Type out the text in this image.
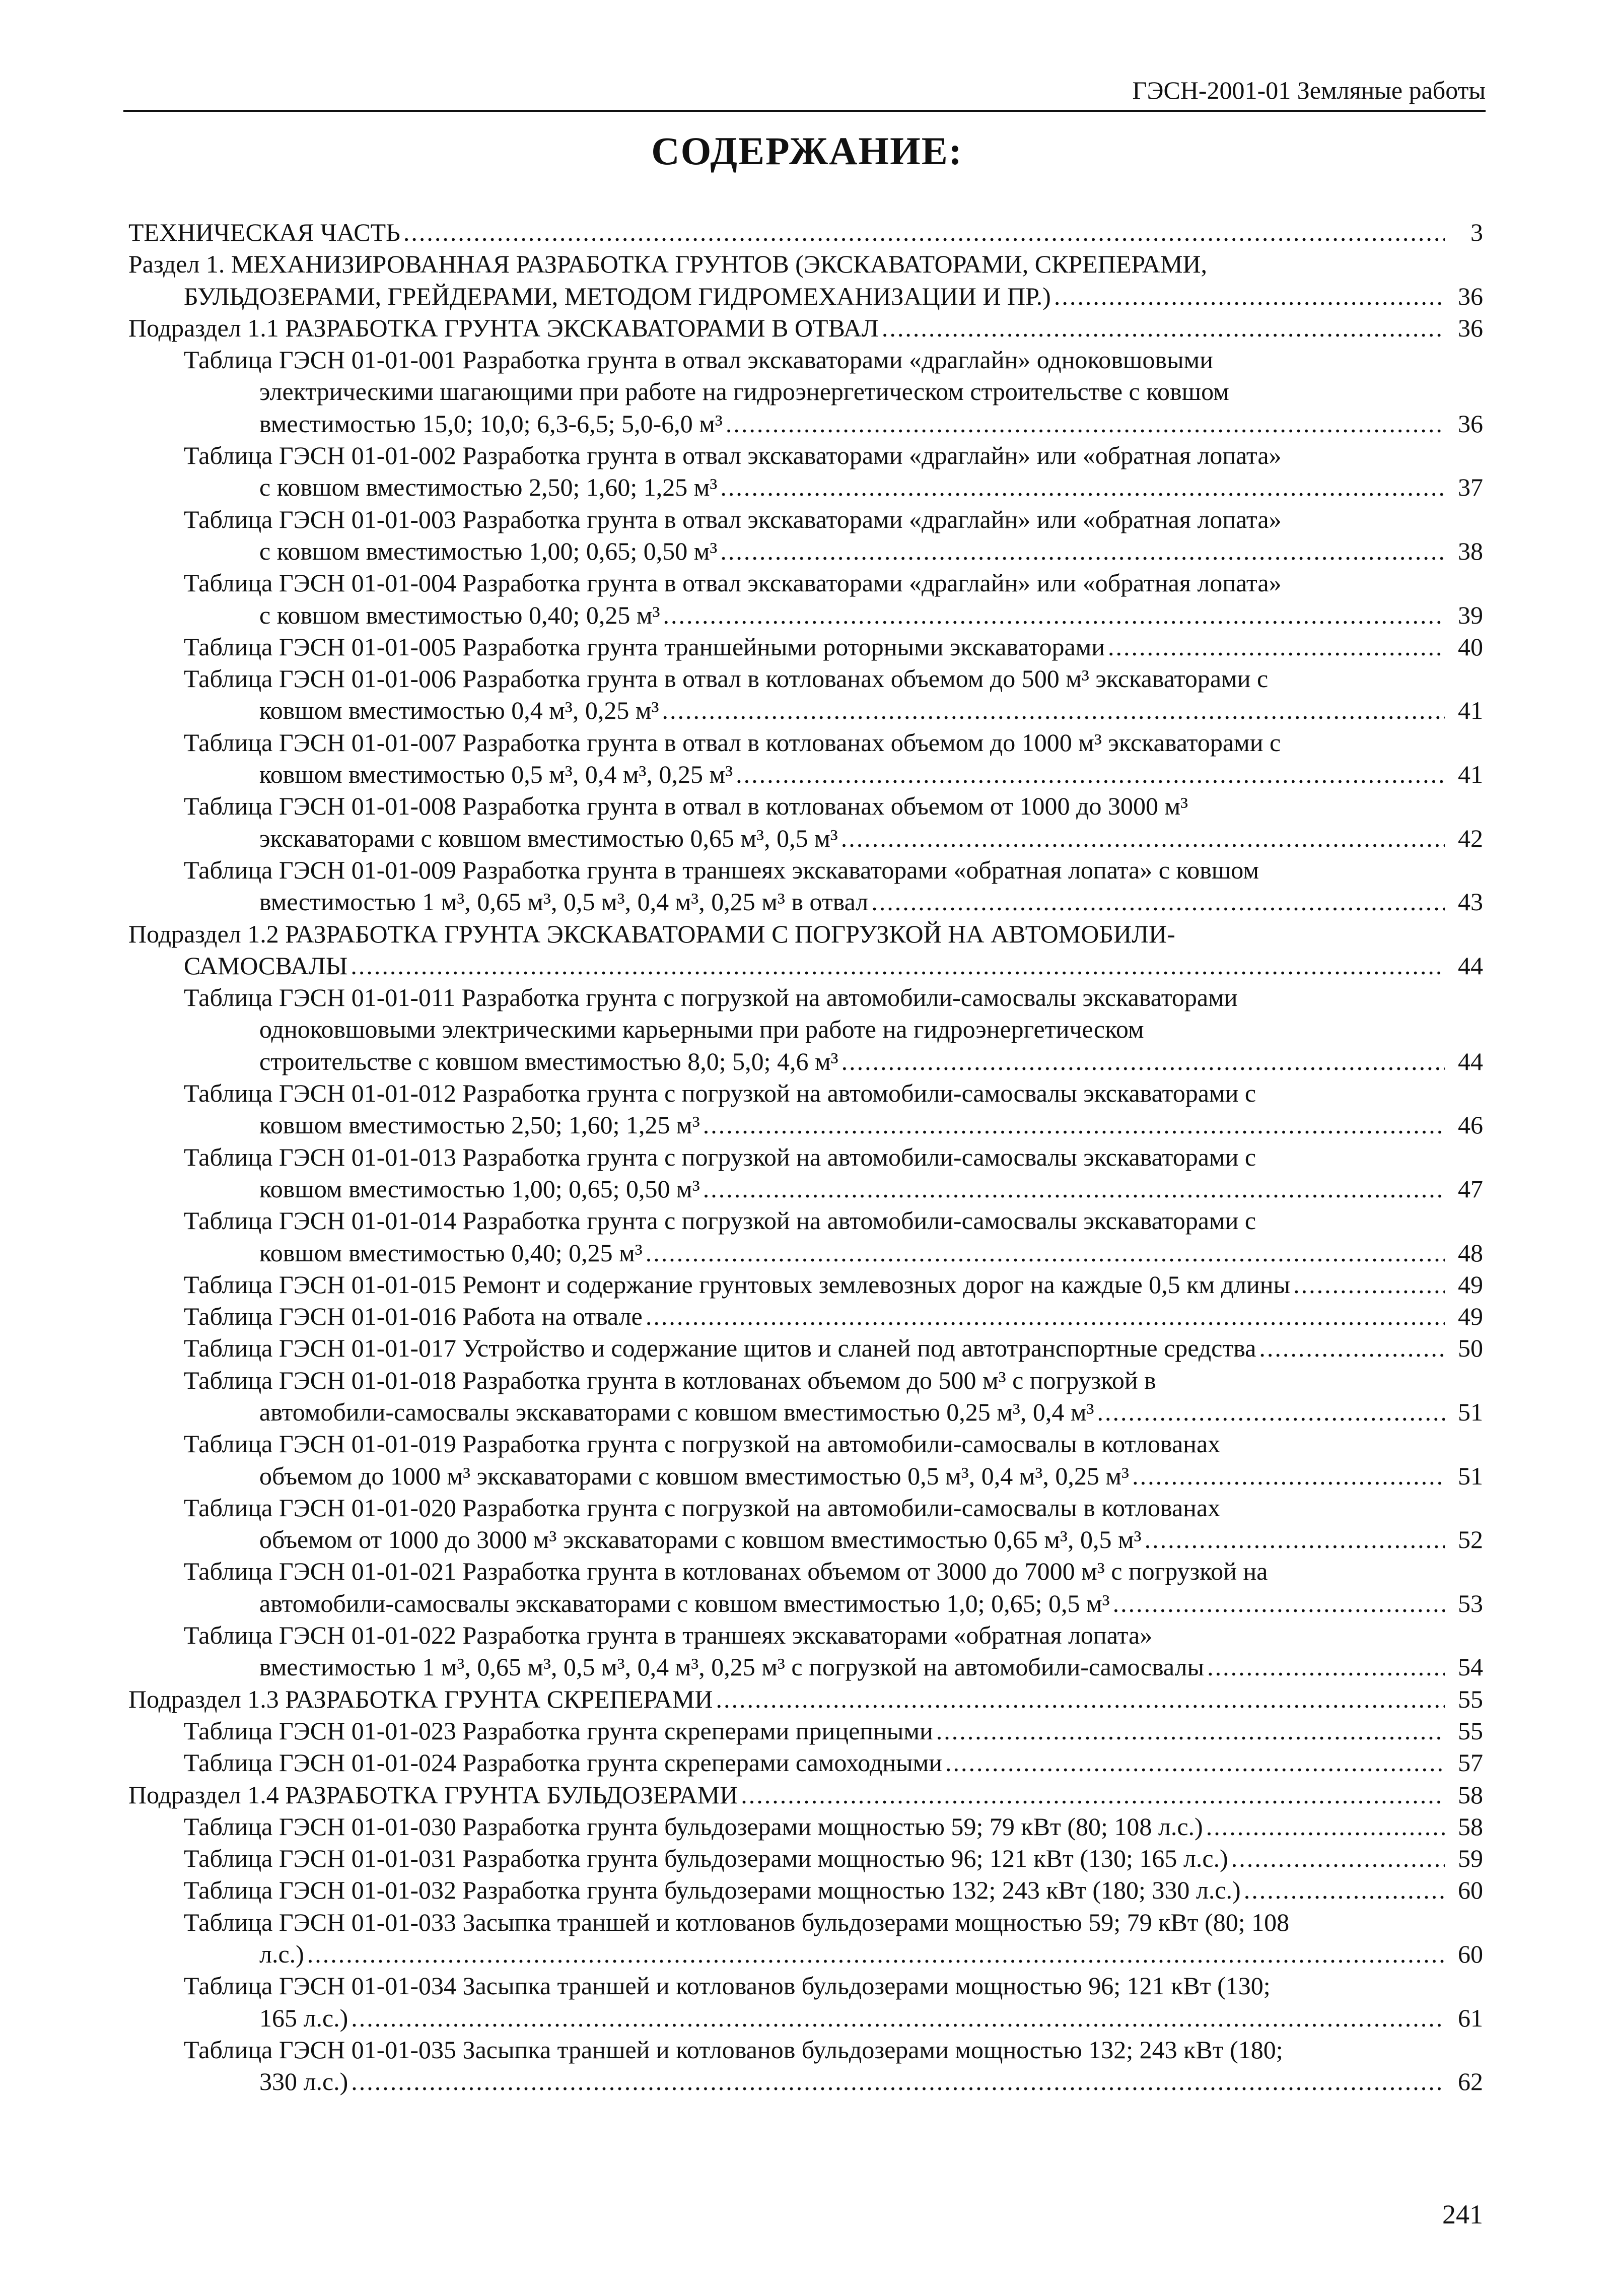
ГЭСН-2001-01 Земляные работы
СОДЕРЖАНИЕ:
ТЕХНИЧЕСКАЯ ЧАСТЬ .....	3
Раздел 1. МЕХАНИЗИРОВАННАЯ РАЗРАБОТКА ГРУНТОВ (ЭКСКАВАТОРАМИ, СКРЕПЕРАМИ,
БУЛЬДОЗЕРАМИ, ГРЕЙДЕРАМИ, МЕТОДОМ ГИДРОМЕХАНИЗАЦИИ И ПР.) .....	36
Подраздел 1.1 РАЗРАБОТКА ГРУНТА ЭКСКАВАТОРАМИ В ОТВАЛ .....	36
Таблица ГЭСН 01-01-001 Разработка грунта в отвал экскаваторами «драглайн» одноковшовыми
электрическими шагающими при работе на гидроэнергетическом строительстве с ковшом
вместимостью 15,0; 10,0; 6,3-6,5; 5,0-6,0 м³ .....	36
Таблица ГЭСН 01-01-002 Разработка грунта в отвал экскаваторами «драглайн» или «обратная лопата»
с ковшом вместимостью 2,50; 1,60; 1,25 м³ .....	37
Таблица ГЭСН 01-01-003 Разработка грунта в отвал экскаваторами «драглайн» или «обратная лопата»
с ковшом вместимостью 1,00; 0,65; 0,50 м³ .....	38
Таблица ГЭСН 01-01-004 Разработка грунта в отвал экскаваторами «драглайн» или «обратная лопата»
с ковшом вместимостью 0,40; 0,25 м³ .....	39
Таблица ГЭСН 01-01-005 Разработка грунта траншейными роторными экскаваторами .....	40
Таблица ГЭСН 01-01-006 Разработка грунта в отвал в котлованах объемом до 500 м³ экскаваторами с
ковшом вместимостью 0,4 м³, 0,25 м³ .....	41
Таблица ГЭСН 01-01-007 Разработка грунта в отвал в котлованах объемом до 1000 м³ экскаваторами с
ковшом вместимостью 0,5 м³, 0,4 м³, 0,25 м³ .....	41
Таблица ГЭСН 01-01-008 Разработка грунта в отвал в котлованах объемом от 1000 до 3000 м³
экскаваторами с ковшом вместимостью 0,65 м³, 0,5 м³ .....	42
Таблица ГЭСН 01-01-009 Разработка грунта в траншеях экскаваторами «обратная лопата» с ковшом
вместимостью 1 м³, 0,65 м³, 0,5 м³, 0,4 м³, 0,25 м³ в отвал .....	43
Подраздел 1.2 РАЗРАБОТКА ГРУНТА ЭКСКАВАТОРАМИ С ПОГРУЗКОЙ НА АВТОМОБИЛИ-
САМОСВАЛЫ .....	44
Таблица ГЭСН 01-01-011 Разработка грунта с погрузкой на автомобили-самосвалы экскаваторами
одноковшовыми электрическими карьерными при работе на гидроэнергетическом
строительстве с ковшом вместимостью 8,0; 5,0; 4,6 м³ .....	44
Таблица ГЭСН 01-01-012 Разработка грунта с погрузкой на автомобили-самосвалы экскаваторами с
ковшом вместимостью 2,50; 1,60; 1,25 м³ .....	46
Таблица ГЭСН 01-01-013 Разработка грунта с погрузкой на автомобили-самосвалы экскаваторами с
ковшом вместимостью 1,00; 0,65; 0,50 м³ .....	47
Таблица ГЭСН 01-01-014 Разработка грунта с погрузкой на автомобили-самосвалы экскаваторами с
ковшом вместимостью 0,40; 0,25 м³ .....	48
Таблица ГЭСН 01-01-015 Ремонт и содержание грунтовых землевозных дорог на каждые 0,5 км длины .....	49
Таблица ГЭСН 01-01-016 Работа на отвале .....	49
Таблица ГЭСН 01-01-017 Устройство и содержание щитов и сланей под автотранспортные средства .....	50
Таблица ГЭСН 01-01-018 Разработка грунта в котлованах объемом до 500 м³ с погрузкой в
автомобили-самосвалы экскаваторами с ковшом вместимостью 0,25 м³, 0,4 м³ .....	51
Таблица ГЭСН 01-01-019 Разработка грунта с погрузкой на автомобили-самосвалы в котлованах
объемом до 1000 м³ экскаваторами с ковшом вместимостью 0,5 м³, 0,4 м³, 0,25 м³ .....	51
Таблица ГЭСН 01-01-020 Разработка грунта с погрузкой на автомобили-самосвалы в котлованах
объемом от 1000 до 3000 м³ экскаваторами с ковшом вместимостью 0,65 м³, 0,5 м³ .....	52
Таблица ГЭСН 01-01-021 Разработка грунта в котлованах объемом от 3000 до 7000 м³ с погрузкой на
автомобили-самосвалы экскаваторами с ковшом вместимостью 1,0; 0,65; 0,5 м³ .....	53
Таблица ГЭСН 01-01-022 Разработка грунта в траншеях экскаваторами «обратная лопата»
вместимостью 1 м³, 0,65 м³, 0,5 м³, 0,4 м³, 0,25 м³ с погрузкой на автомобили-самосвалы .....	54
Подраздел 1.3 РАЗРАБОТКА ГРУНТА СКРЕПЕРАМИ .....	55
Таблица ГЭСН 01-01-023 Разработка грунта скреперами прицепными .....	55
Таблица ГЭСН 01-01-024 Разработка грунта скреперами самоходными .....	57
Подраздел 1.4 РАЗРАБОТКА ГРУНТА БУЛЬДОЗЕРАМИ .....	58
Таблица ГЭСН 01-01-030 Разработка грунта бульдозерами мощностью 59; 79 кВт (80; 108 л.с.) .....	58
Таблица ГЭСН 01-01-031 Разработка грунта бульдозерами мощностью 96; 121 кВт (130; 165 л.с.) .....	59
Таблица ГЭСН 01-01-032 Разработка грунта бульдозерами мощностью 132; 243 кВт (180; 330 л.с.) .....	60
Таблица ГЭСН 01-01-033 Засыпка траншей и котлованов бульдозерами мощностью 59; 79 кВт (80; 108
л.с.) .....	60
Таблица ГЭСН 01-01-034 Засыпка траншей и котлованов бульдозерами мощностью 96; 121 кВт (130;
165 л.с.) .....	61
Таблица ГЭСН 01-01-035 Засыпка траншей и котлованов бульдозерами мощностью 132; 243 кВт (180;
330 л.с.) .....	62
241
